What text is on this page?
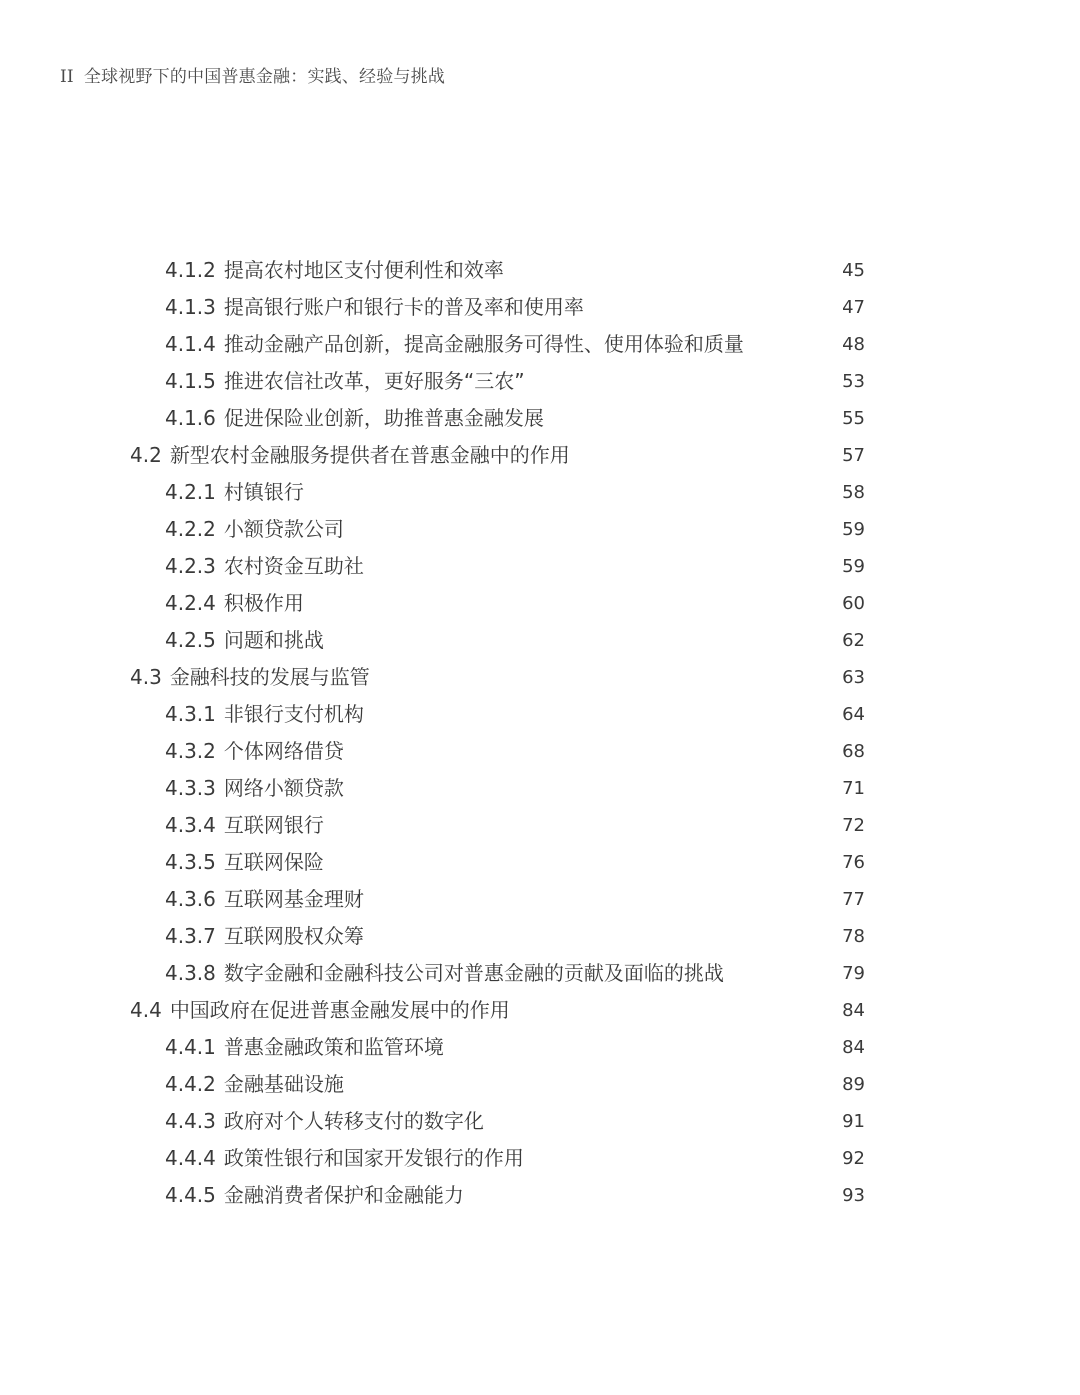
II 全球视野下的中国普惠金融：实践、经验与挑战
4.1.2 提高农村地区支付便利性和效率	45
4.1.3 提高银行账户和银行卡的普及率和使用率	47
4.1.4 推动金融产品创新，提高金融服务可得性、使用体验和质量	48
4.1.5 推进农信社改革，更好服务“三农”	53
4.1.6 促进保险业创新，助推普惠金融发展	55
4.2 新型农村金融服务提供者在普惠金融中的作用	57
4.2.1 村镇银行	58
4.2.2 小额贷款公司	59
4.2.3 农村资金互助社	59
4.2.4 积极作用	60
4.2.5 问题和挑战	62
4.3 金融科技的发展与监管	63
4.3.1 非银行支付机构	64
4.3.2 个体网络借贷	68
4.3.3 网络小额贷款	71
4.3.4 互联网银行	72
4.3.5 互联网保险	76
4.3.6 互联网基金理财	77
4.3.7 互联网股权众筹	78
4.3.8 数字金融和金融科技公司对普惠金融的贡献及面临的挑战	79
4.4 中国政府在促进普惠金融发展中的作用	84
4.4.1 普惠金融政策和监管环境	84
4.4.2 金融基础设施	89
4.4.3 政府对个人转移支付的数字化	91
4.4.4 政策性银行和国家开发银行的作用	92
4.4.5 金融消费者保护和金融能力	93
